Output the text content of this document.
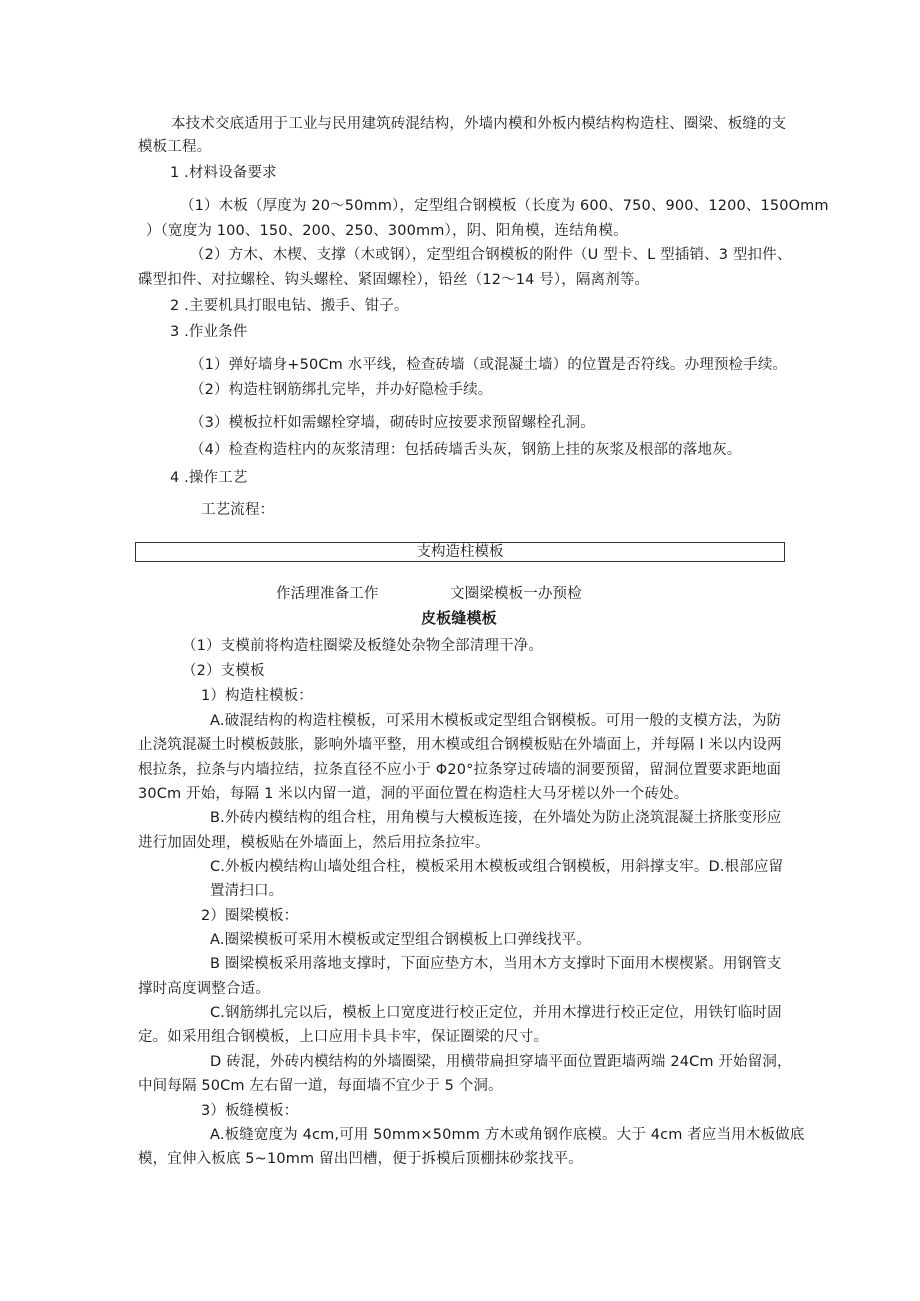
本技术交底适用于工业与民用建筑砖混结构，外墙内模和外板内模结构构造柱、圈梁、板缝的支
模板工程。
1 .材料设备要求
（1）木板（厚度为 20～50mm），定型组合钢模板（长度为 600、750、900、1200、150Omm
）（宽度为 100、150、200、250、300mm），阴、阳角模，连结角模。
（2）方木、木楔、支撑（木或钢），定型组合钢模板的附件（U 型卡、L 型插销、3 型扣件、
碟型扣件、对拉螺栓、钩头螺栓、紧固螺栓），铅丝（12～14 号），隔离剂等。
2 .主要机具打眼电钻、搬手、钳子。
3 .作业条件
（1）弹好墙身+50Cm 水平线，检查砖墙（或混凝土墙）的位置是否符线。办理预检手续。
（2）构造柱钢筋绑扎完毕，并办好隐检手续。
（3）模板拉杆如需螺栓穿墙，砌砖时应按要求预留螺栓孔洞。
（4）检查构造柱内的灰浆清理：包括砖墙舌头灰，钢筋上挂的灰浆及根部的落地灰。
4 .操作工艺
工艺流程：
支构造柱模板
作活理准备工作	文圈梁模板一办预检
皮板缝模板
（1）支模前将构造柱圈梁及板缝处杂物全部清理干净。
（2）支模板
1）构造柱模板：
A.破混结构的构造柱模板，可采用木模板或定型组合钢模板。可用一般的支模方法，为防
止浇筑混凝土时模板鼓胀，影响外墙平整，用木模或组合钢模板贴在外墙面上，并每隔 l 米以内设两
根拉条，拉条与内墙拉结，拉条直径不应小于 Φ20°拉条穿过砖墙的洞要预留，留洞位置要求距地面
30Cm 开始，每隔 1 米以内留一道，洞的平面位置在构造柱大马牙槎以外一个砖处。
B.外砖内模结构的组合柱，用角模与大模板连接，在外墙处为防止浇筑混凝土挤胀变形应
进行加固处理，模板贴在外墙面上，然后用拉条拉牢。
C.外板内模结构山墙处组合柱，模板采用木模板或组合钢模板，用斜撑支牢。D.根部应留
置清扫口。
2）圈梁模板：
A.圈梁模板可采用木模板或定型组合钢模板上口弹线找平。
B 圈梁模板采用落地支撑时，下面应垫方木，当用木方支撑时下面用木楔楔紧。用钢管支
撑时高度调整合适。
C.钢筋绑扎完以后，模板上口宽度进行校正定位，并用木撑进行校正定位，用铁钉临时固
定。如采用组合钢模板，上口应用卡具卡牢，保证圈梁的尺寸。
D 砖混，外砖内模结构的外墙圈梁，用横带扁担穿墙平面位置距墙两端 24Cm 开始留洞，
中间每隔 50Cm 左右留一道，每面墙不宜少于 5 个洞。
3）板缝模板：
A.板缝宽度为 4cm,可用 50mm×50mm 方木或角钢作底模。大于 4cm 者应当用木板做底
模，宜伸入板底 5~10mm 留出凹槽，便于拆模后顶棚抹砂浆找平。
